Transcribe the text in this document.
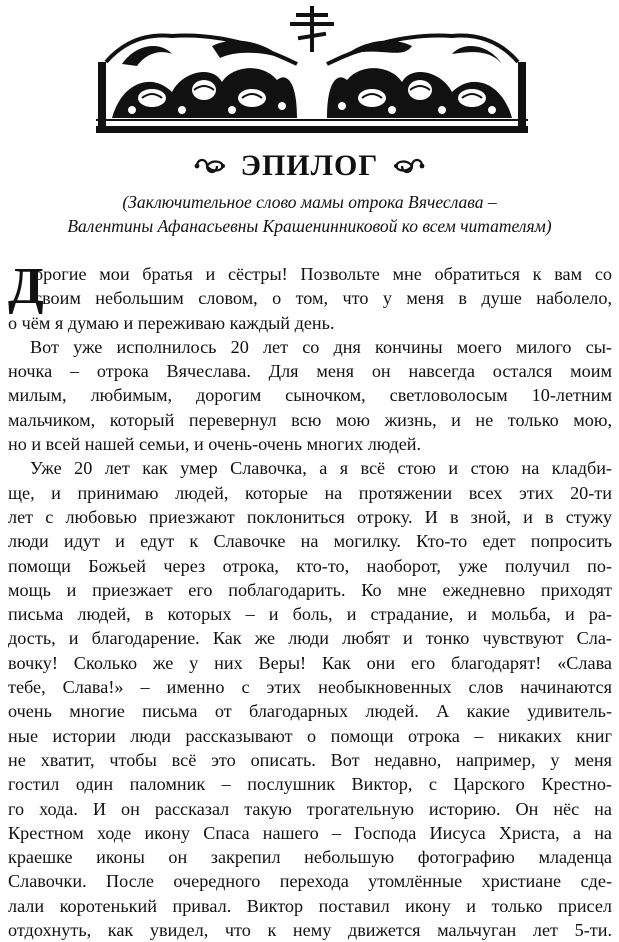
ЭПИЛОГ
(Заключительное слово мамы отрока Вячеслава –
Валентины Афанасьевны Крашенинниковой ко всем читателям)
Д
орогие мои братья и сёстры! Позвольте мне обратиться к вам со
своим небольшим словом, о том, что у меня в душе наболело,
о чём я думаю и переживаю каждый день.
Вот уже исполнилось 20 лет со дня кончины моего милого сы-
ночка – отрока Вячеслава. Для меня он навсегда остался моим
милым, любимым, дорогим сыночком, светловолосым 10-летним
мальчиком, который перевернул всю мою жизнь, и не только мою,
но и всей нашей семьи, и очень-очень многих людей.
Уже 20 лет как умер Славочка, а я всё стою и стою на кладби-
ще, и принимаю людей, которые на протяжении всех этих 20-ти
лет с любовью приезжают поклониться отроку. И в зной, и в стужу
люди идут и едут к Славочке на могилку. Кто-то едет попросить
помощи Божьей через отрока, кто-то, наоборот, уже получил по-
мощь и приезжает его поблагодарить. Ко мне ежедневно приходят
письма людей, в которых – и боль, и страдание, и мольба, и ра-
дость, и благодарение. Как же люди любят и тонко чувствуют Сла-
вочку! Сколько же у них Веры! Как они его благодарят! «Слава
тебе, Слава!» – именно с этих необыкновенных слов начинаются
очень многие письма от благодарных людей. А какие удивитель-
ные истории люди рассказывают о помощи отрока – никаких книг
не хватит, чтобы всё это описать. Вот недавно, например, у меня
гостил один паломник – послушник Виктор, с Царского Крестно-
го хода. И он рассказал такую трогательную историю. Он нёс на
Крестном ходе икону Спаса нашего – Господа Иисуса Христа, а на
краешке иконы он закрепил небольшую фотографию младенца
Славочки. После очередного перехода утомлённые христиане сде-
лали коротенький привал. Виктор поставил икону и только присел
отдохнуть, как увидел, что к нему движется мальчуган лет 5-ти.
